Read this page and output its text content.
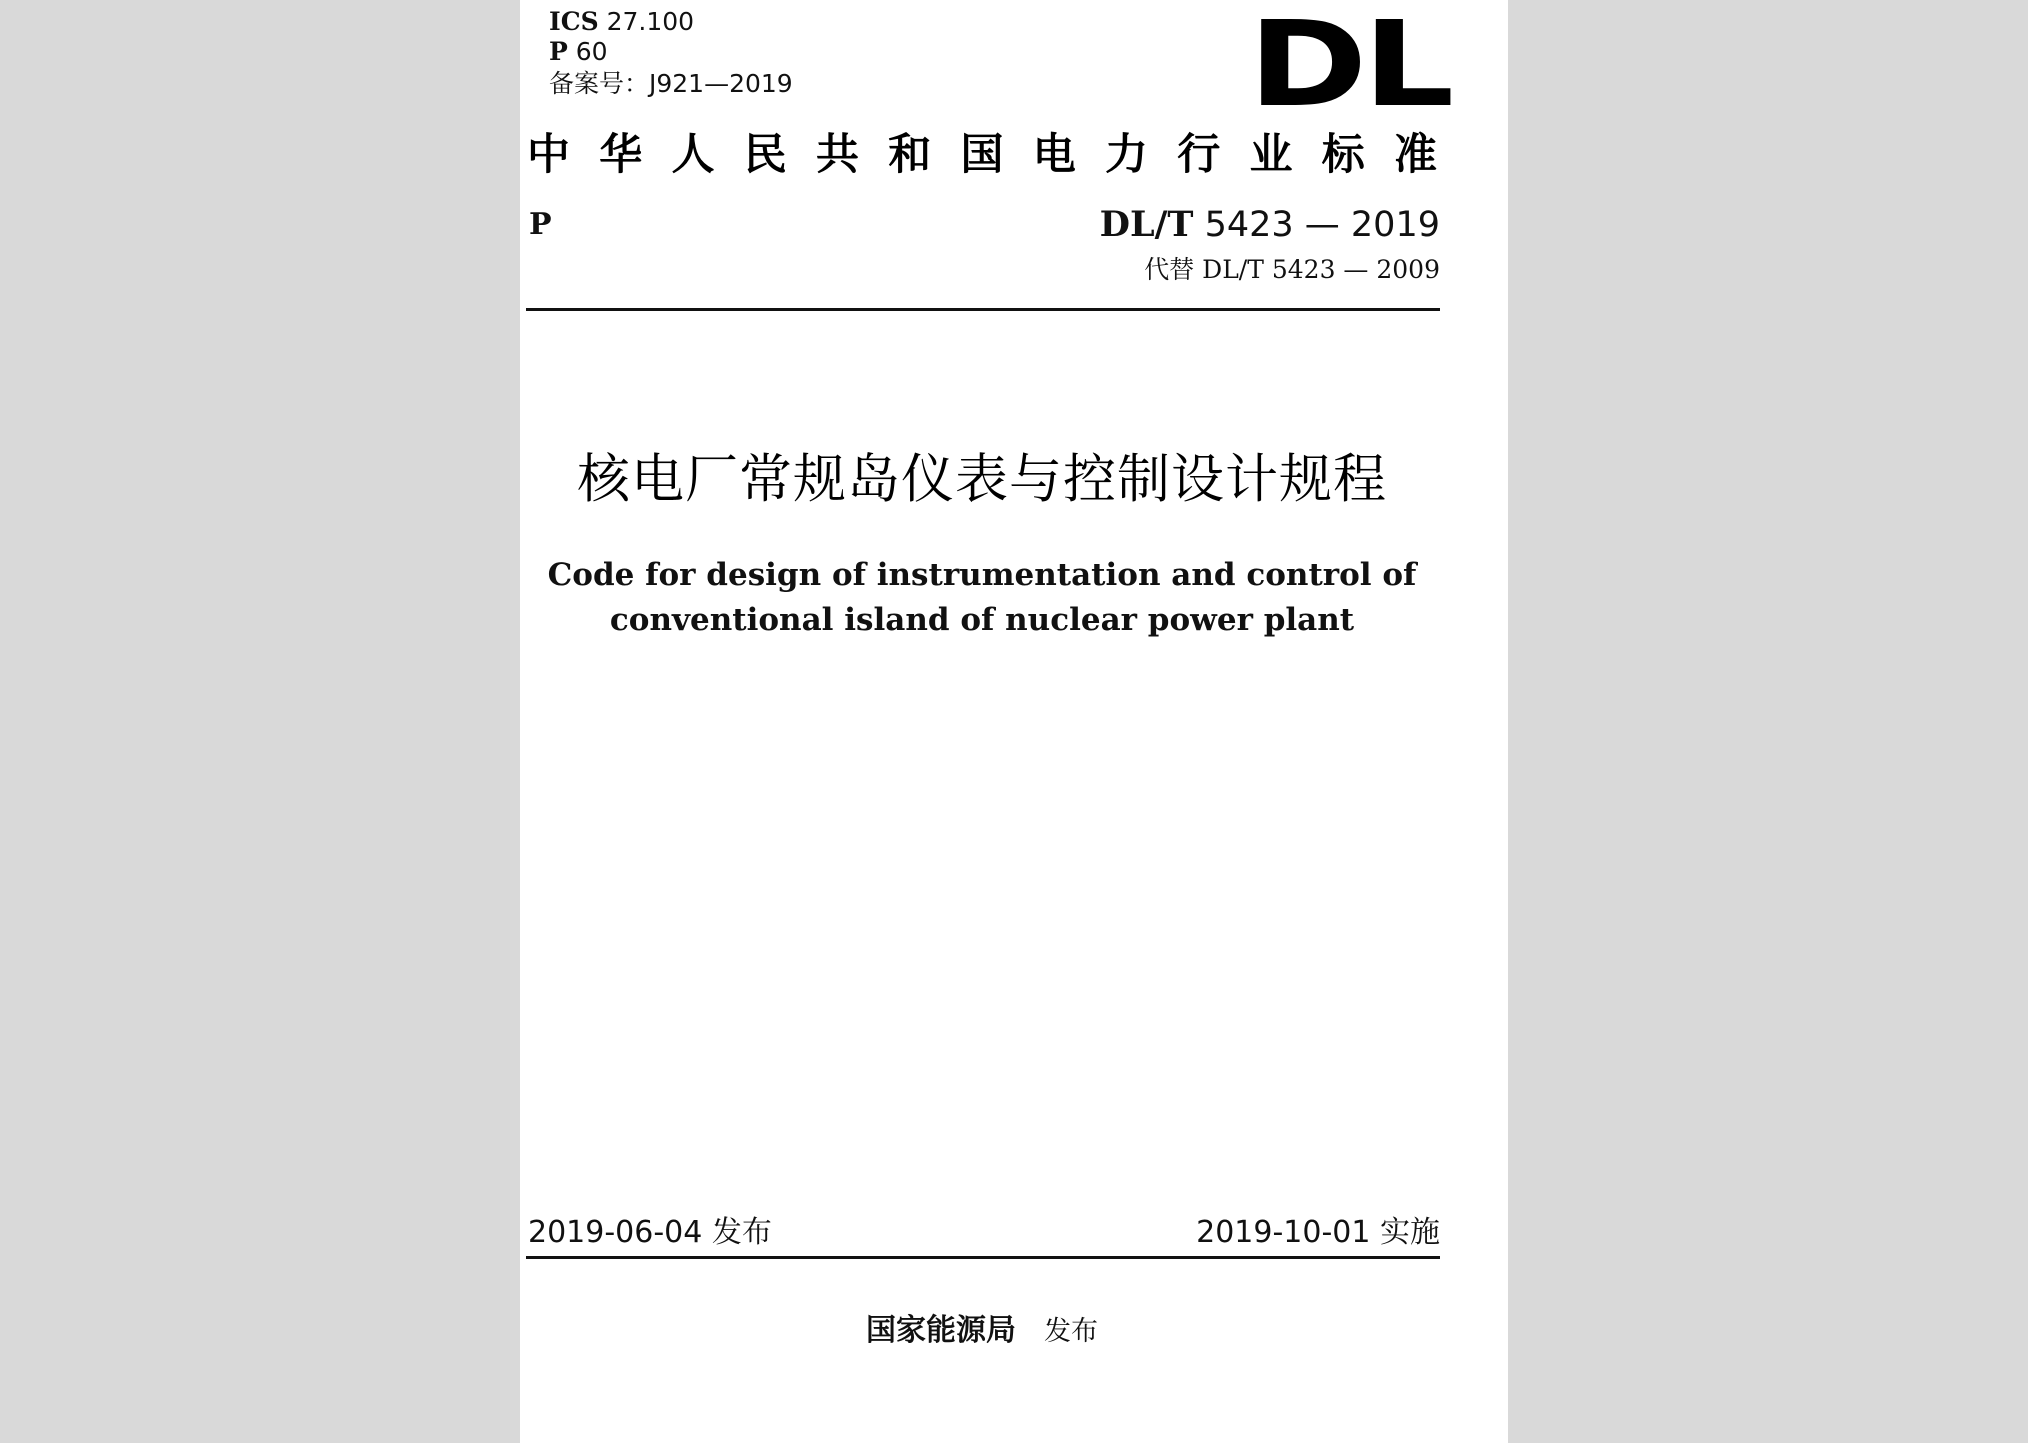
ICS 27.100
P 60
备案号：J921—2019	DL
中华人民共和国电力行业标准
P	DL/T 5423 — 2019
代替 DL/T 5423 — 2009
核电厂常规岛仪表与控制设计规程
Code for design of instrumentation and control of
conventional island of nuclear power plant
2019-06-04 发布	2019-10-01 实施
国家能源局 发布
